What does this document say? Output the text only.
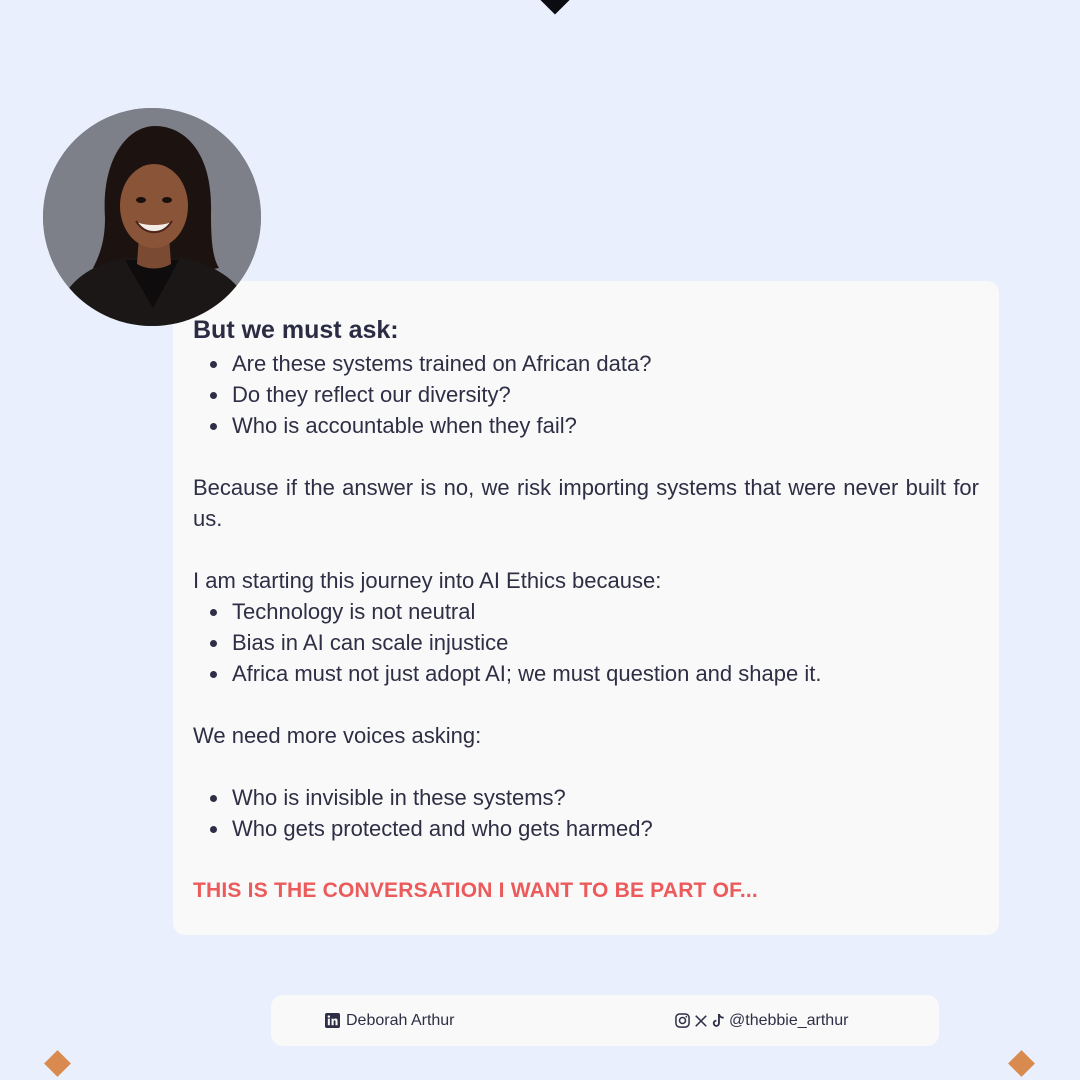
But we must ask:

Are these systems trained on African data?
Do they reflect our diversity?
Who is accountable when they fail?

Because if the answer is no, we risk importing systems that were never built for us.

I am starting this journey into AI Ethics because:

Technology is not neutral
Bias in AI can scale injustice
Africa must not just adopt AI; we must question and shape it.

We need more voices asking:

Who is invisible in these systems?
Who gets protected and who gets harmed?

THIS IS THE CONVERSATION I WANT TO BE PART OF...

Deborah Arthur	@thebbie_arthur
